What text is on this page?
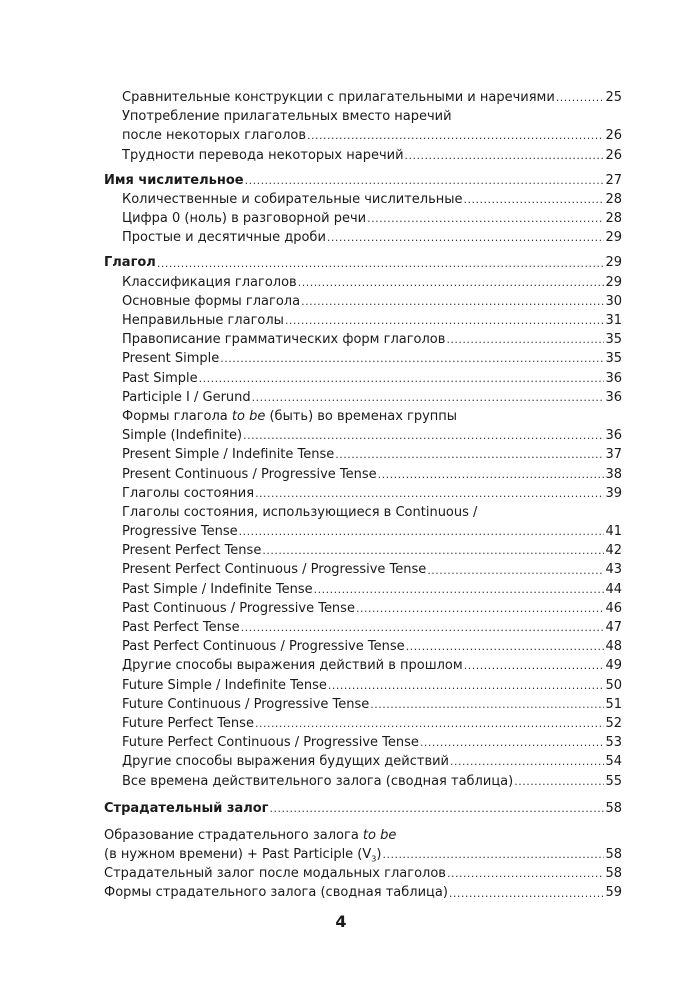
Сравнительные конструкции с прилагательными и наречиями .....	25
Употребление прилагательных вместо наречий
после некоторых глаголов .....	26
Трудности перевода некоторых наречий .....	26
Имя числительное .....	27
Количественные и собирательные числительные .....	28
Цифра 0 (ноль) в разговорной речи .....	28
Простые и десятичные дроби .....	29
Глагол .....	29
Классификация глаголов .....	29
Основные формы глагола .....	30
Неправильные глаголы .....	31
Правописание грамматических форм глаголов .....	35
Present Simple .....	35
Past Simple .....	36
Participle I / Gerund .....	36
Формы глагола to be (быть) во временах группы
Simple (Indefinite) .....	36
Present Simple / Indefinite Tense .....	37
Present Continuous / Progressive Tense .....	38
Глаголы состояния .....	39
Глаголы состояния, использующиеся в Continuous /
Progressive Tense .....	41
Present Perfect Tense .....	42
Present Perfect Continuous / Progressive Tense .....	43
Past Simple / Indefinite Tense .....	44
Past Continuous / Progressive Tense .....	46
Past Perfect Tense .....	47
Past Perfect Continuous / Progressive Tense .....	48
Другие способы выражения действий в прошлом .....	49
Future Simple / Indefinite Tense .....	50
Future Continuous / Progressive Tense .....	51
Future Perfect Tense .....	52
Future Perfect Continuous / Progressive Tense .....	53
Другие способы выражения будущих действий .....	54
Все времена действительного залога (сводная таблица) .....	55
Страдательный залог .....	58
Образование страдательного залога to be
(в нужном времени) + Past Participle $(V_3)$ .....	58
Страдательный залог после модальных глаголов .....	58
Формы страдательного залога (сводная таблица) .....	59
4
